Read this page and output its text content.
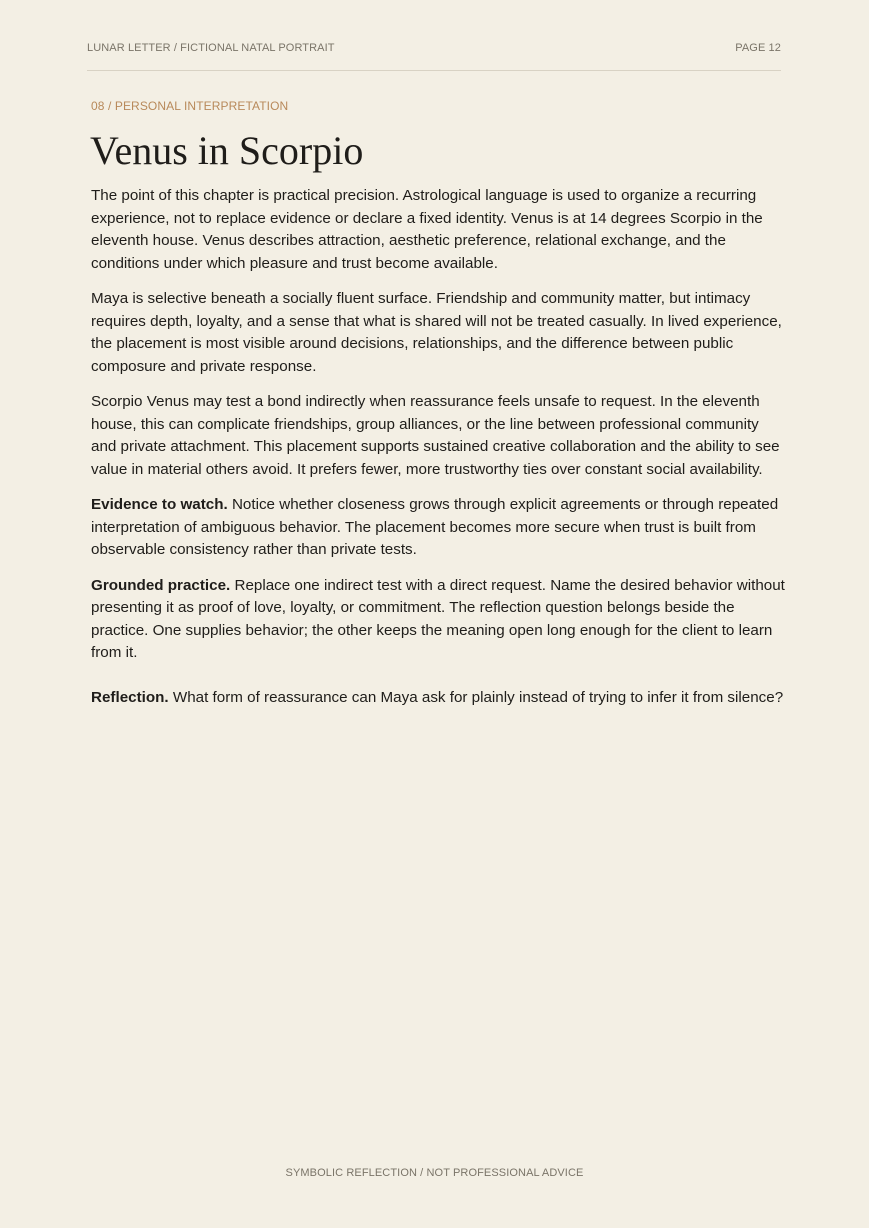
LUNAR LETTER / FICTIONAL NATAL PORTRAIT	PAGE 12
08 / PERSONAL INTERPRETATION
Venus in Scorpio

The point of this chapter is practical precision. Astrological language is used to organize a recurring experience, not to replace evidence or declare a fixed identity. Venus is at 14 degrees Scorpio in the eleventh house. Venus describes attraction, aesthetic preference, relational exchange, and the conditions under which pleasure and trust become available.

Maya is selective beneath a socially fluent surface. Friendship and community matter, but intimacy requires depth, loyalty, and a sense that what is shared will not be treated casually. In lived experience, the placement is most visible around decisions, relationships, and the difference between public composure and private response.

Scorpio Venus may test a bond indirectly when reassurance feels unsafe to request. In the eleventh house, this can complicate friendships, group alliances, or the line between professional community and private attachment. This placement supports sustained creative collaboration and the ability to see value in material others avoid. It prefers fewer, more trustworthy ties over constant social availability.

Evidence to watch. Notice whether closeness grows through explicit agreements or through repeated interpretation of ambiguous behavior. The placement becomes more secure when trust is built from observable consistency rather than private tests.

Grounded practice. Replace one indirect test with a direct request. Name the desired behavior without presenting it as proof of love, loyalty, or commitment. The reflection question belongs beside the practice. One supplies behavior; the other keeps the meaning open long enough for the client to learn from it.

Reflection. What form of reassurance can Maya ask for plainly instead of trying to infer it from silence?

SYMBOLIC REFLECTION / NOT PROFESSIONAL ADVICE
